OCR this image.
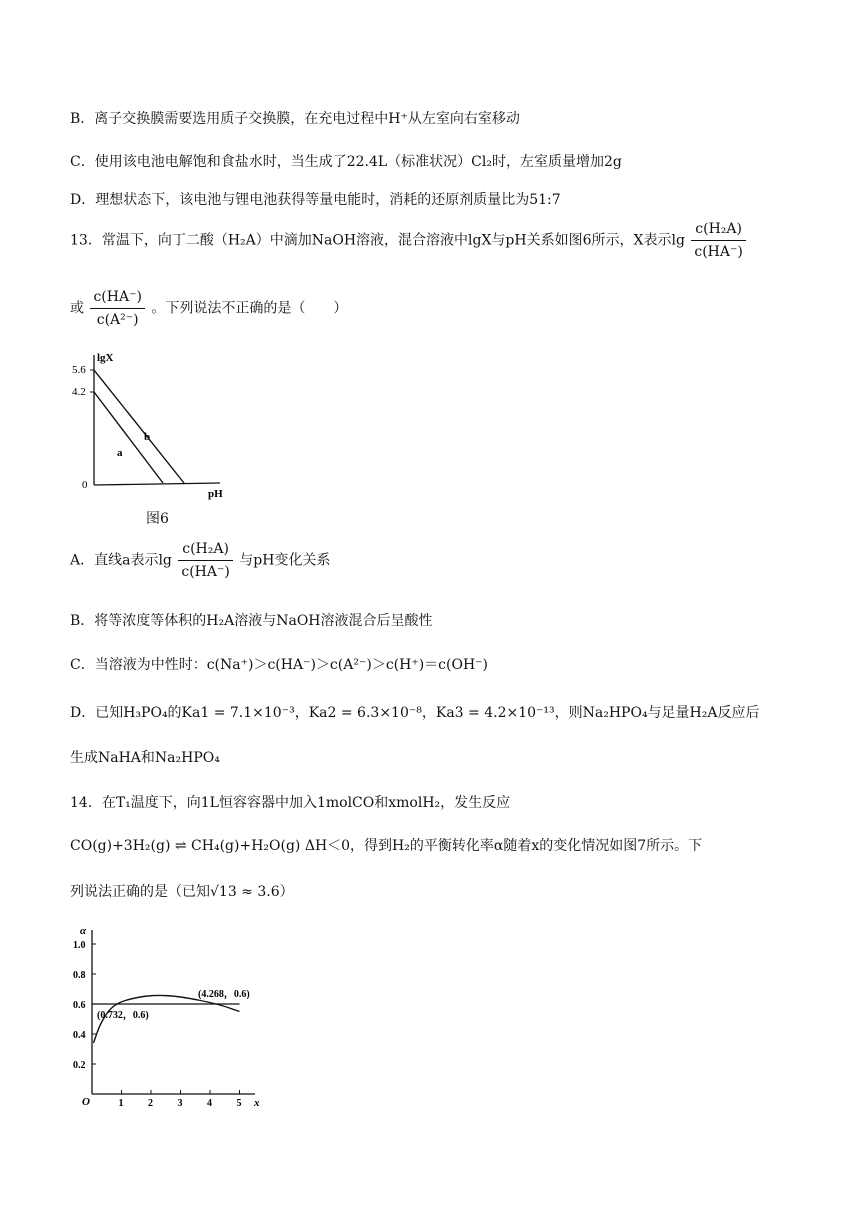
B．离子交换膜需要选用质子交换膜，在充电过程中H⁺从左室向右室移动
C．使用该电池电解饱和食盐水时，当生成了22.4L（标准状况）Cl₂时，左室质量增加2g
D．理想状态下，该电池与锂电池获得等量电能时，消耗的还原剂质量比为51:7
13．常温下，向丁二酸（H₂A）中滴加NaOH溶液，混合溶液中lgX与pH关系如图6所示，X表示$\lg \frac{\text{c(H₂A)}}{c(HA^-)}$
或 $\frac{c(HA^-)}{\text{c(A²⁻)}}$ 。下列说法不正确的是（　　）
lgX
pH
5.6
4.2
0
a
b
图6
A．直线a表示$\lg \frac{\text{c(H₂A)}}{c(HA^-)}$ 与pH变化关系
B．将等浓度等体积的H₂A溶液与NaOH溶液混合后呈酸性
C．当溶液为中性时：c(Na⁺)＞c(HA⁻)＞c(A²⁻)＞c(H⁺)＝c(OH⁻)
D．已知H₃PO₄的Ka1 = 7.1×10⁻³，Ka2 = 6.3×10⁻⁸，Ka3 = 4.2×10⁻¹³，则Na₂HPO₄与足量H₂A反应后
生成NaHA和Na₂HPO₄
14．在T₁温度下，向1L恒容容器中加入1molCO和xmolH₂，发生反应
CO(g)+3H₂(g) ⇌ CH₄(g)+H₂O(g) ΔH＜0，得到H₂的平衡转化率α随着x的变化情况如图7所示。下
列说法正确的是（已知√13 ≈ 3.6）
α
x
O	1 2 3 4 5
1.0
0.8
0.6
0.4
0.2
(4.268，0.6)
(0.732，0.6)
